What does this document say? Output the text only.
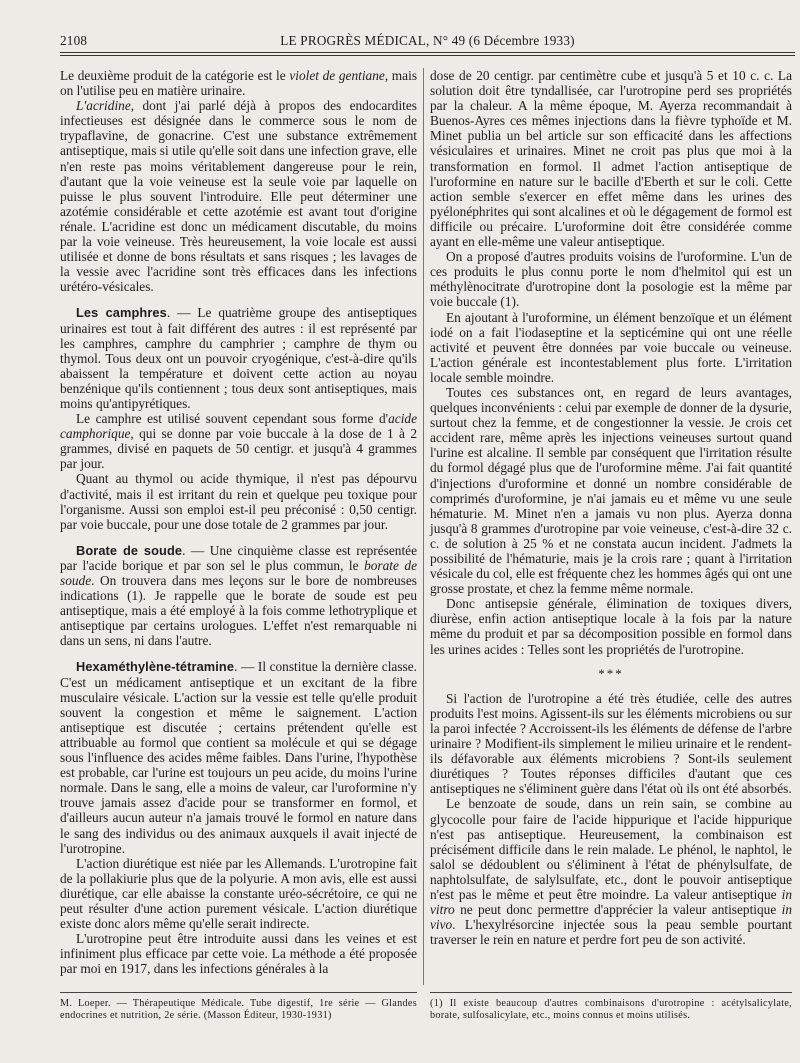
2108	LE PROGRÈS MÉDICAL, N° 49 (6 Décembre 1933)

Le deuxième produit de la catégorie est le violet de gentiane, mais on l'utilise peu en matière urinaire.

L'acridine, dont j'ai parlé déjà à propos des endocardites infectieuses est désignée dans le commerce sous le nom de trypaflavine, de gonacrine. C'est une substance extrêmement antiseptique, mais si utile qu'elle soit dans une infection grave, elle n'en reste pas moins véritablement dangereuse pour le rein, d'autant que la voie veineuse est la seule voie par laquelle on puisse le plus souvent l'introduire. Elle peut déterminer une azotémie considérable et cette azotémie est avant tout d'origine rénale. L'acridine est donc un médicament discutable, du moins par la voie veineuse. Très heureusement, la voie locale est aussi utilisée et donne de bons résultats et sans risques ; les lavages de la vessie avec l'acridine sont très efficaces dans les infections urétéro-vésicales.

Les camphres. — Le quatrième groupe des antiseptiques urinaires est tout à fait différent des autres : il est représenté par les camphres, camphre du camphrier ; camphre de thym ou thymol. Tous deux ont un pouvoir cryogénique, c'est-à-dire qu'ils abaissent la température et doivent cette action au noyau benzénique qu'ils contiennent ; tous deux sont antiseptiques, mais moins qu'antipyrétiques.

Le camphre est utilisé souvent cependant sous forme d'acide camphorique, qui se donne par voie buccale à la dose de 1 à 2 grammes, divisé en paquets de 50 centigr. et jusqu'à 4 grammes par jour.

Quant au thymol ou acide thymique, il n'est pas dépourvu d'activité, mais il est irritant du rein et quelque peu toxique pour l'organisme. Aussi son emploi est-il peu préconisé : 0,50 centigr. par voie buccale, pour une dose totale de 2 grammes par jour.

Borate de soude. — Une cinquième classe est représentée par l'acide borique et par son sel le plus commun, le borate de soude. On trouvera dans mes leçons sur le bore de nombreuses indications (1). Je rappelle que le borate de soude est peu antiseptique, mais a été employé à la fois comme lethotryplique et antiseptique par certains urologues. L'effet n'est remarquable ni dans un sens, ni dans l'autre.

Hexaméthylène-tétramine. — Il constitue la dernière classe. C'est un médicament antiseptique et un excitant de la fibre musculaire vésicale. L'action sur la vessie est telle qu'elle produit souvent la congestion et même le saignement. L'action antiseptique est discutée ; certains prétendent qu'elle est attribuable au formol que contient sa molécule et qui se dégage sous l'influence des acides même faibles. Dans l'urine, l'hypothèse est probable, car l'urine est toujours un peu acide, du moins l'urine normale. Dans le sang, elle a moins de valeur, car l'uroformine n'y trouve jamais assez d'acide pour se transformer en formol, et d'ailleurs aucun auteur n'a jamais trouvé le formol en nature dans le sang des individus ou des animaux auxquels il avait injecté de l'urotropine.

L'action diurétique est niée par les Allemands. L'urotropine fait de la pollakiurie plus que de la polyurie. A mon avis, elle est aussi diurétique, car elle abaisse la constante uréo-sécrétoire, ce qui ne peut résulter d'une action purement vésicale. L'action diurétique existe donc alors même qu'elle serait indirecte.

L'urotropine peut être introduite aussi dans les veines et est infiniment plus efficace par cette voie. La méthode a été proposée par moi en 1917, dans les infections générales à la

dose de 20 centigr. par centimètre cube et jusqu'à 5 et 10 c. c. La solution doit être tyndallisée, car l'urotropine perd ses propriétés par la chaleur. A la même époque, M. Ayerza recommandait à Buenos-Ayres ces mêmes injections dans la fièvre typhoïde et M. Minet publia un bel article sur son efficacité dans les affections vésiculaires et urinaires. Minet ne croit pas plus que moi à la transformation en formol. Il admet l'action antiseptique de l'uroformine en nature sur le bacille d'Eberth et sur le coli. Cette action semble s'exercer en effet même dans les urines des pyélonéphrites qui sont alcalines et où le dégagement de formol est difficile ou précaire. L'uroformine doit être considérée comme ayant en elle-même une valeur antiseptique.

On a proposé d'autres produits voisins de l'uroformine. L'un de ces produits le plus connu porte le nom d'helmitol qui est un méthylènocitrate d'urotropine dont la posologie est la même par voie buccale (1).

En ajoutant à l'uroformine, un élément benzoïque et un élément iodé on a fait l'iodaseptine et la septicémine qui ont une réelle activité et peuvent être données par voie buccale ou veineuse. L'action générale est incontestablement plus forte. L'irritation locale semble moindre.

Toutes ces substances ont, en regard de leurs avantages, quelques inconvénients : celui par exemple de donner de la dysurie, surtout chez la femme, et de congestionner la vessie. Je crois cet accident rare, même après les injections veineuses surtout quand l'urine est alcaline. Il semble par conséquent que l'irritation résulte du formol dégagé plus que de l'uroformine même. J'ai fait quantité d'injections d'uroformine et donné un nombre considérable de comprimés d'uroformine, je n'ai jamais eu et même vu une seule hématurie. M. Minet n'en a jamais vu non plus. Ayerza donna jusqu'à 8 grammes d'urotropine par voie veineuse, c'est-à-dire 32 c. c. de solution à 25 % et ne constata aucun incident. J'admets la possibilité de l'hématurie, mais je la crois rare ; quant à l'irritation vésicale du col, elle est fréquente chez les hommes âgés qui ont une grosse prostate, et chez la femme même normale.

Donc antisepsie générale, élimination de toxiques divers, diurèse, enfin action antiseptique locale à la fois par la nature même du produit et par sa décomposition possible en formol dans les urines acides : Telles sont les propriétés de l'urotropine.

***

Si l'action de l'urotropine a été très étudiée, celle des autres produits l'est moins. Agissent-ils sur les éléments microbiens ou sur la paroi infectée ? Accroissent-ils les éléments de défense de l'arbre urinaire ? Modifient-ils simplement le milieu urinaire et le rendent-ils défavorable aux éléments microbiens ? Sont-ils seulement diurétiques ? Toutes réponses difficiles d'autant que ces antiseptiques ne s'éliminent guère dans l'état où ils ont été absorbés.

Le benzoate de soude, dans un rein sain, se combine au glycocolle pour faire de l'acide hippurique et l'acide hippurique n'est pas antiseptique. Heureusement, la combinaison est précisément difficile dans le rein malade. Le phénol, le naphtol, le salol se dédoublent ou s'éliminent à l'état de phénylsulfate, de naphtolsulfate, de salylsulfate, etc., dont le pouvoir antiseptique n'est pas le même et peut être moindre. La valeur antiseptique in vitro ne peut donc permettre d'apprécier la valeur antiseptique in vivo. L'hexylrésorcine injectée sous la peau semble pourtant traverser le rein en nature et perdre fort peu de son activité.

M. Loeper. — Thérapeutique Médicale. Tube digestif, 1re série — Glandes endocrines et nutrition, 2e série. (Masson Éditeur, 1930-1931)
(1) Il existe beaucoup d'autres combinaisons d'urotropine : acétylsalicylate, borate, sulfosalicylate, etc., moins connus et moins utilisés.
